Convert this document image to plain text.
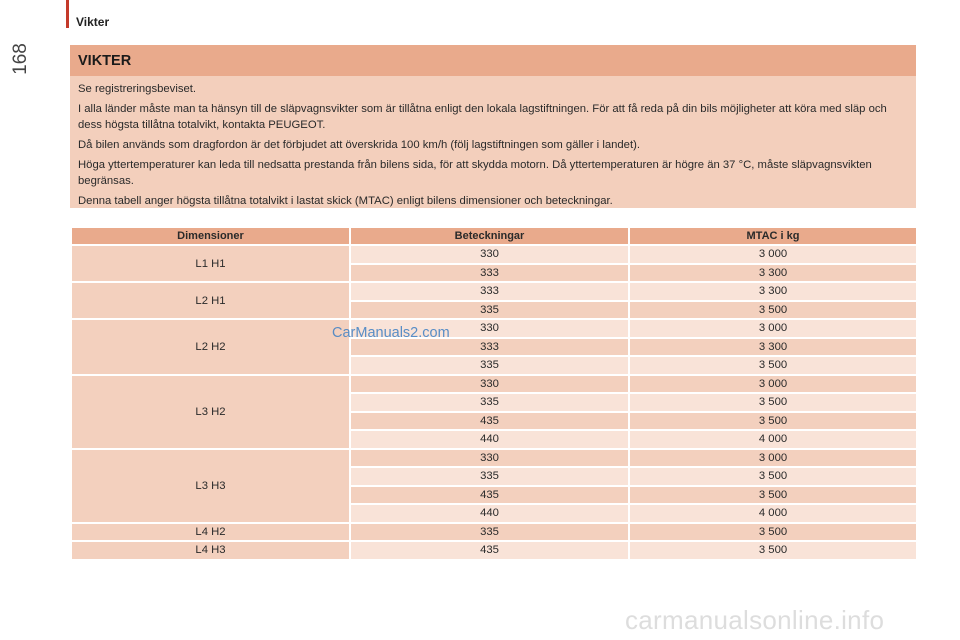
Vikter
168	VIKTER

Se registreringsbeviset.

I alla länder måste man ta hänsyn till de släpvagnsvikter som är tillåtna enligt den lokala lagstiftningen. För att få reda på din bils möjligheter att köra med släp och dess högsta tillåtna totalvikt, kontakta PEUGEOT.

Då bilen används som dragfordon är det förbjudet att överskrida 100 km/h (följ lagstiftningen som gäller i landet).

Höga yttertemperaturer kan leda till nedsatta prestanda från bilens sida, för att skydda motorn. Då yttertemperaturen är högre än 37 °C, måste släpvagnsvikten begränsas.

Denna tabell anger högsta tillåtna totalvikt i lastat skick (MTAC) enligt bilens dimensioner och beteckningar.

Dimensioner	Beteckningar	MTAC i kg
L1 H1	330	3 000
	333	3 300
L2 H1	333	3 300
	335	3 500
L2 H2	330	3 000
	333	3 300
	335	3 500
L3 H2	330	3 000
	335	3 500
	435	3 500
	440	4 000
L3 H3	330	3 000
	335	3 500
	435	3 500
	440	4 000
L4 H2	335	3 500
L4 H3	435	3 500
CarManuals2.com
carmanualsonline.info
